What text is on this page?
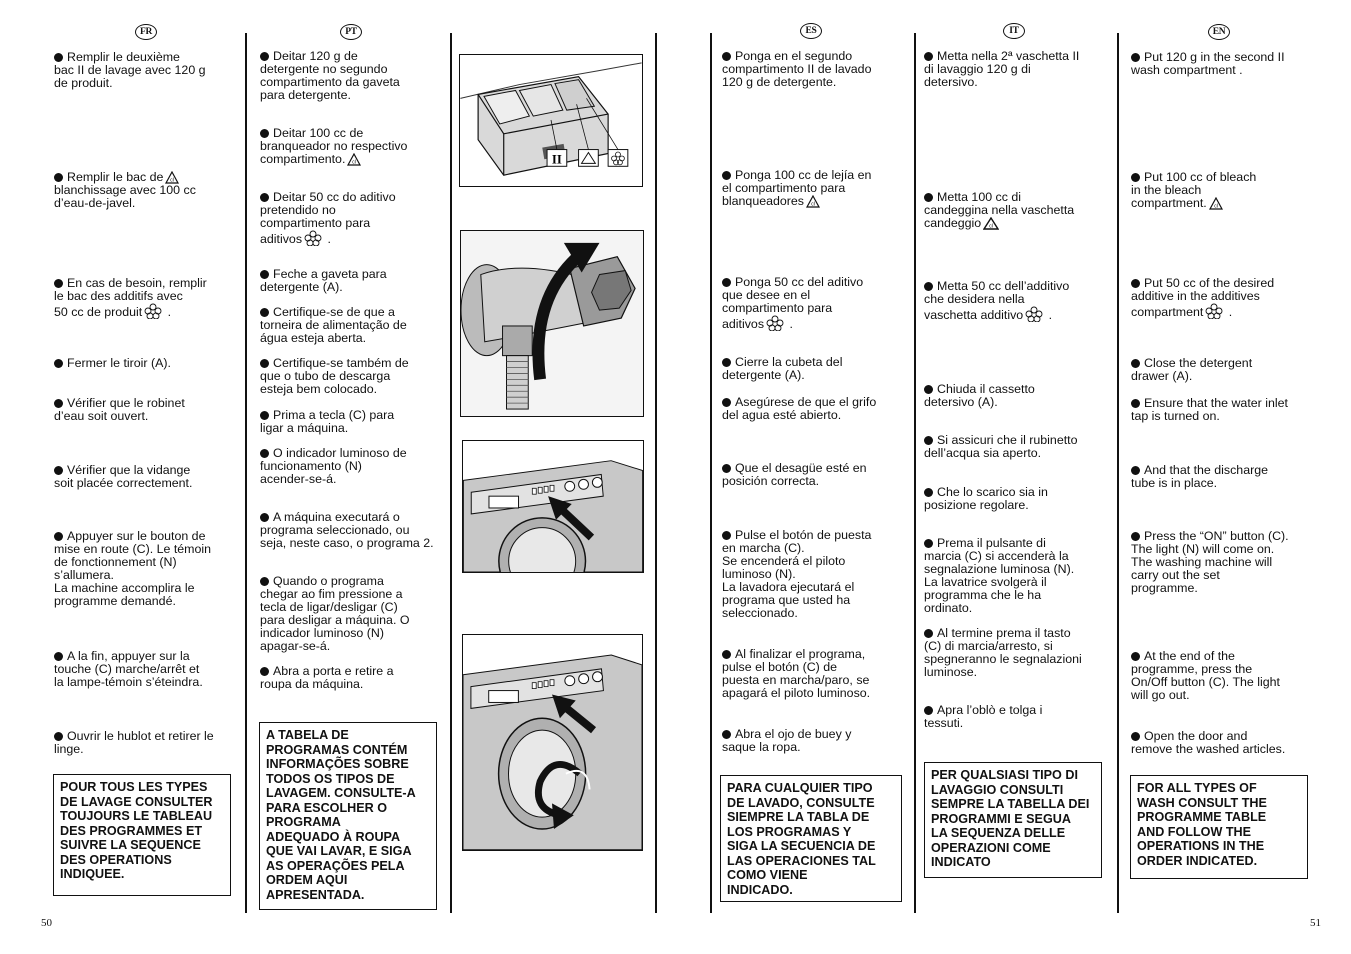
FR	PT	ES	IT	EN
Remplir le deuxième
bac II de lavage avec 120 g
de produit.
Remplir le bac de cl

blanchissage avec 100 cc
d’eau-de-javel.
En cas de besoin, remplir
le bac des additifs avec
50 cc de produit .
Fermer le tiroir (A).
Vérifier que le robinet
d’eau soit ouvert.
Vérifier que la vidange
soit placée correctement.
Appuyer sur le bouton de
mise en route (C). Le témoin
de fonctionnement (N)
s’allumera.
La machine accomplira le
programme demandé.
A la fin, appuyer sur la
touche (C) marche/arrêt et
la lampe-témoin s’éteindra.
Ouvrir le hublot et retirer le
linge.
POUR TOUS LES TYPES
DE LAVAGE CONSULTER
TOUJOURS LE TABLEAU
DES PROGRAMMES ET
SUIVRE LA SEQUENCE
DES OPERATIONS
INDIQUEE.
Deitar 120 g de
detergente no segundo
compartimento da gaveta
para detergente.
Deitar 100 cc de
branqueador no respectivo
compartimento. cl
Deitar 50 cc do aditivo
pretendido no
compartimento para
aditivos .
Feche a gaveta para
detergente (A).
Certifique-se de que a
torneira de alimentação de
água esteja aberta.
Certifique-se também de
que o tubo de descarga
esteja bem colocado.
Prima a tecla (C) para
ligar a máquina.
O indicador luminoso de
funcionamento (N)
acender-se-á.
A máquina executará o
programa seleccionado, ou
seja, neste caso, o programa 2.
Quando o programa
chegar ao fim pressione a
tecla de ligar/desligar (C)
para desligar a máquina. O
indicador luminoso (N)
apagar-se-á.
Abra a porta e retire a
roupa da máquina.
A TABELA DE
PROGRAMAS CONTÉM
INFORMAÇÕES SOBRE
TODOS OS TIPOS DE
LAVAGEM. CONSULTE-A
PARA ESCOLHER O
PROGRAMA
ADEQUADO À ROUPA
QUE VAI LAVAR, E SIGA
AS OPERAÇÕES PELA
ORDEM AQUI
APRESENTADA.
II
Ponga en el segundo
compartimento II de lavado
120 g de detergente.
Ponga 100 cc de lejía en
el compartimento para
blanqueadores cl
Ponga 50 cc del aditivo
que desee en el
compartimento para
aditivos .
Cierre la cubeta del
detergente (A).
Asegúrese de que el grifo
del agua esté abierto.
Que el desagüe esté en
posición correcta.
Pulse el botón de puesta
en marcha (C).
Se encenderá el piloto
luminoso (N).
La lavadora ejecutará el
programa que usted ha
seleccionado.
Al finalizar el programa,
pulse el botón (C) de
puesta en marcha/paro, se
apagará el piloto luminoso.
Abra el ojo de buey y
saque la ropa.
PARA CUALQUIER TIPO
DE LAVADO, CONSULTE
SIEMPRE LA TABLA DE
LOS PROGRAMAS Y
SIGA LA SECUENCIA DE
LAS OPERACIONES TAL
COMO VIENE
INDICADO.
Metta nella 2ª vaschetta II
di lavaggio 120 g di
detersivo.
Metta 100 cc di
candeggina nella vaschetta
candeggio cl
Metta 50 cc dell’additivo
che desidera nella
vaschetta additivo .
Chiuda il cassetto
detersivo (A).
Si assicuri che il rubinetto
dell’acqua sia aperto.
Che lo scarico sia in
posizione regolare.
Prema il pulsante di
marcia (C) si accenderà la
segnalazione luminosa (N).
La lavatrice svolgerà il
programma che le ha
ordinato.
Al termine prema il tasto
(C) di marcia/arresto, si
spegneranno le segnalazioni
luminose.
Apra l’oblò e tolga i
tessuti.
PER QUALSIASI TIPO DI
LAVAGGIO CONSULTI
SEMPRE LA TABELLA DEI
PROGRAMMI E SEGUA
LA SEQUENZA DELLE
OPERAZIONI COME
INDICATO
Put 120 g in the second II
wash compartment .
Put 100 cc of bleach
in the bleach
compartment. cl
Put 50 cc of the desired
additive in the additives
compartment .
Close the detergent
drawer (A).
Ensure that the water inlet
tap is turned on.
And that the discharge
tube is in place.
Press the “ON” button (C).
The light (N) will come on.
The washing machine will
carry out the set
programme.
At the end of the
programme, press the
On/Off button (C). The light
will go out.
Open the door and
remove the washed articles.
FOR ALL TYPES OF
WASH CONSULT THE
PROGRAMME TABLE
AND FOLLOW THE
OPERATIONS IN THE
ORDER INDICATED.
50	51
